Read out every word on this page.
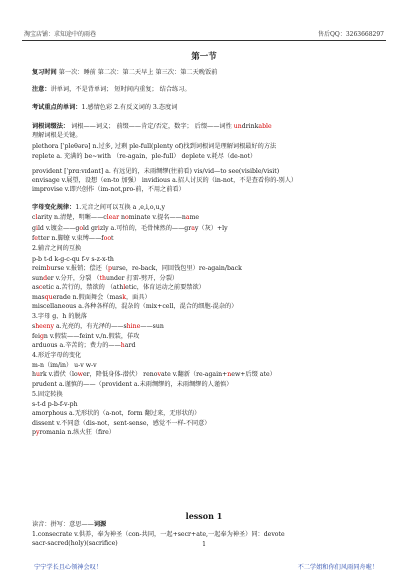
淘宝店铺：求知途中的雨巷	售后QQ：3263668297
第一节
复习时间 第一次：睡前 第二次：第二天早上 第三次：第二天晚饭前
注意：讲单词，不是背单词； 短时间内重复； 结合练习。
考试重点的单词：1.感情色彩 2.有反义词的 3.态度词
词根词缀法： 词根——词义； 前缀——肯定/否定，数字； 后缀——词性 undrinkable
理解词根是关键。
plethora [ˈpleθərə] n.过多, 过剩 ple-full(plenty of)找到词根词是理解词根最好的方法
replete a. 充满的 be~with （re-again，ple-full） deplete v.耗尽（de-not）
provident [ˈprɑːvɪdənt] a. 有远见的，未雨绸缪(往前看) vis/vid—to see(visible/visit)
envisage v.展望，设想（en-to 加强） invidious a.招人讨厌的（in-not，不是查看你的-别人）
improvise v.即兴创作（im-not,pro-前，不用之前看）
字母变化规律：1.元音之间可以互换 a ,e,i,o,u,y
clarity n.清楚，明晰——clear nominate v.提名——name
gild v.镀金——gold grizly a.可怕的，毛骨悚然的——gray（灰）+ly
fetter n.脚镣 v.束缚——foot
2.辅音之间的互换
p-b t-d k-g-c-qu f-v s-z-x-th
reimburse v.报销；偿还（purse，re-back，同回钱包里）re-again/back
sunder v.分开，分裂 （thunder 打雷-劈开，分裂）
ascetic a.苦行的，禁欲的 （athletic，体育运动之前要禁欲）
masquerade n.假面舞会（mask，面具）
miscellaneous a.各种各样的，混杂的（mix+cell，混合的细胞-混杂的）
3.字母 g、h 的脱落
sheeny a.光亮的，有光泽的——shine——sun
feign v.假装——feint v./n.假装，佯攻
arduous a.辛苦的；费力的——hard
4.形近字母的变化
m-n（im/in） u-v w-v
hurk v.潜伏（lower，降低身体-潜伏） renovate v.翻新（re-again+new+后缀 ate）
prudent a.谨慎的——（provident a.未雨绸缪的，未雨绸缪的人谨慎）
5.固定转换
s-t-d p-b-f-v-ph
amorphous a.无形状的（a-not，form 翻过来，无形状的）
dissent v.不同意（dis-not，sent-sense，感觉不一样-不同意）
pyromania n.纵火狂（fre）
lesson 1
读音：拼写：意思——词源
1.consecrate v.供养，奉为神圣（con-共同，一起+secr+ate,一起奉为神圣）同：devote
sacr-sacred(holy)(sacrifice)	1
宁宁学长且心领神会叹！	不二学姐和你们风雨同舟啦！
